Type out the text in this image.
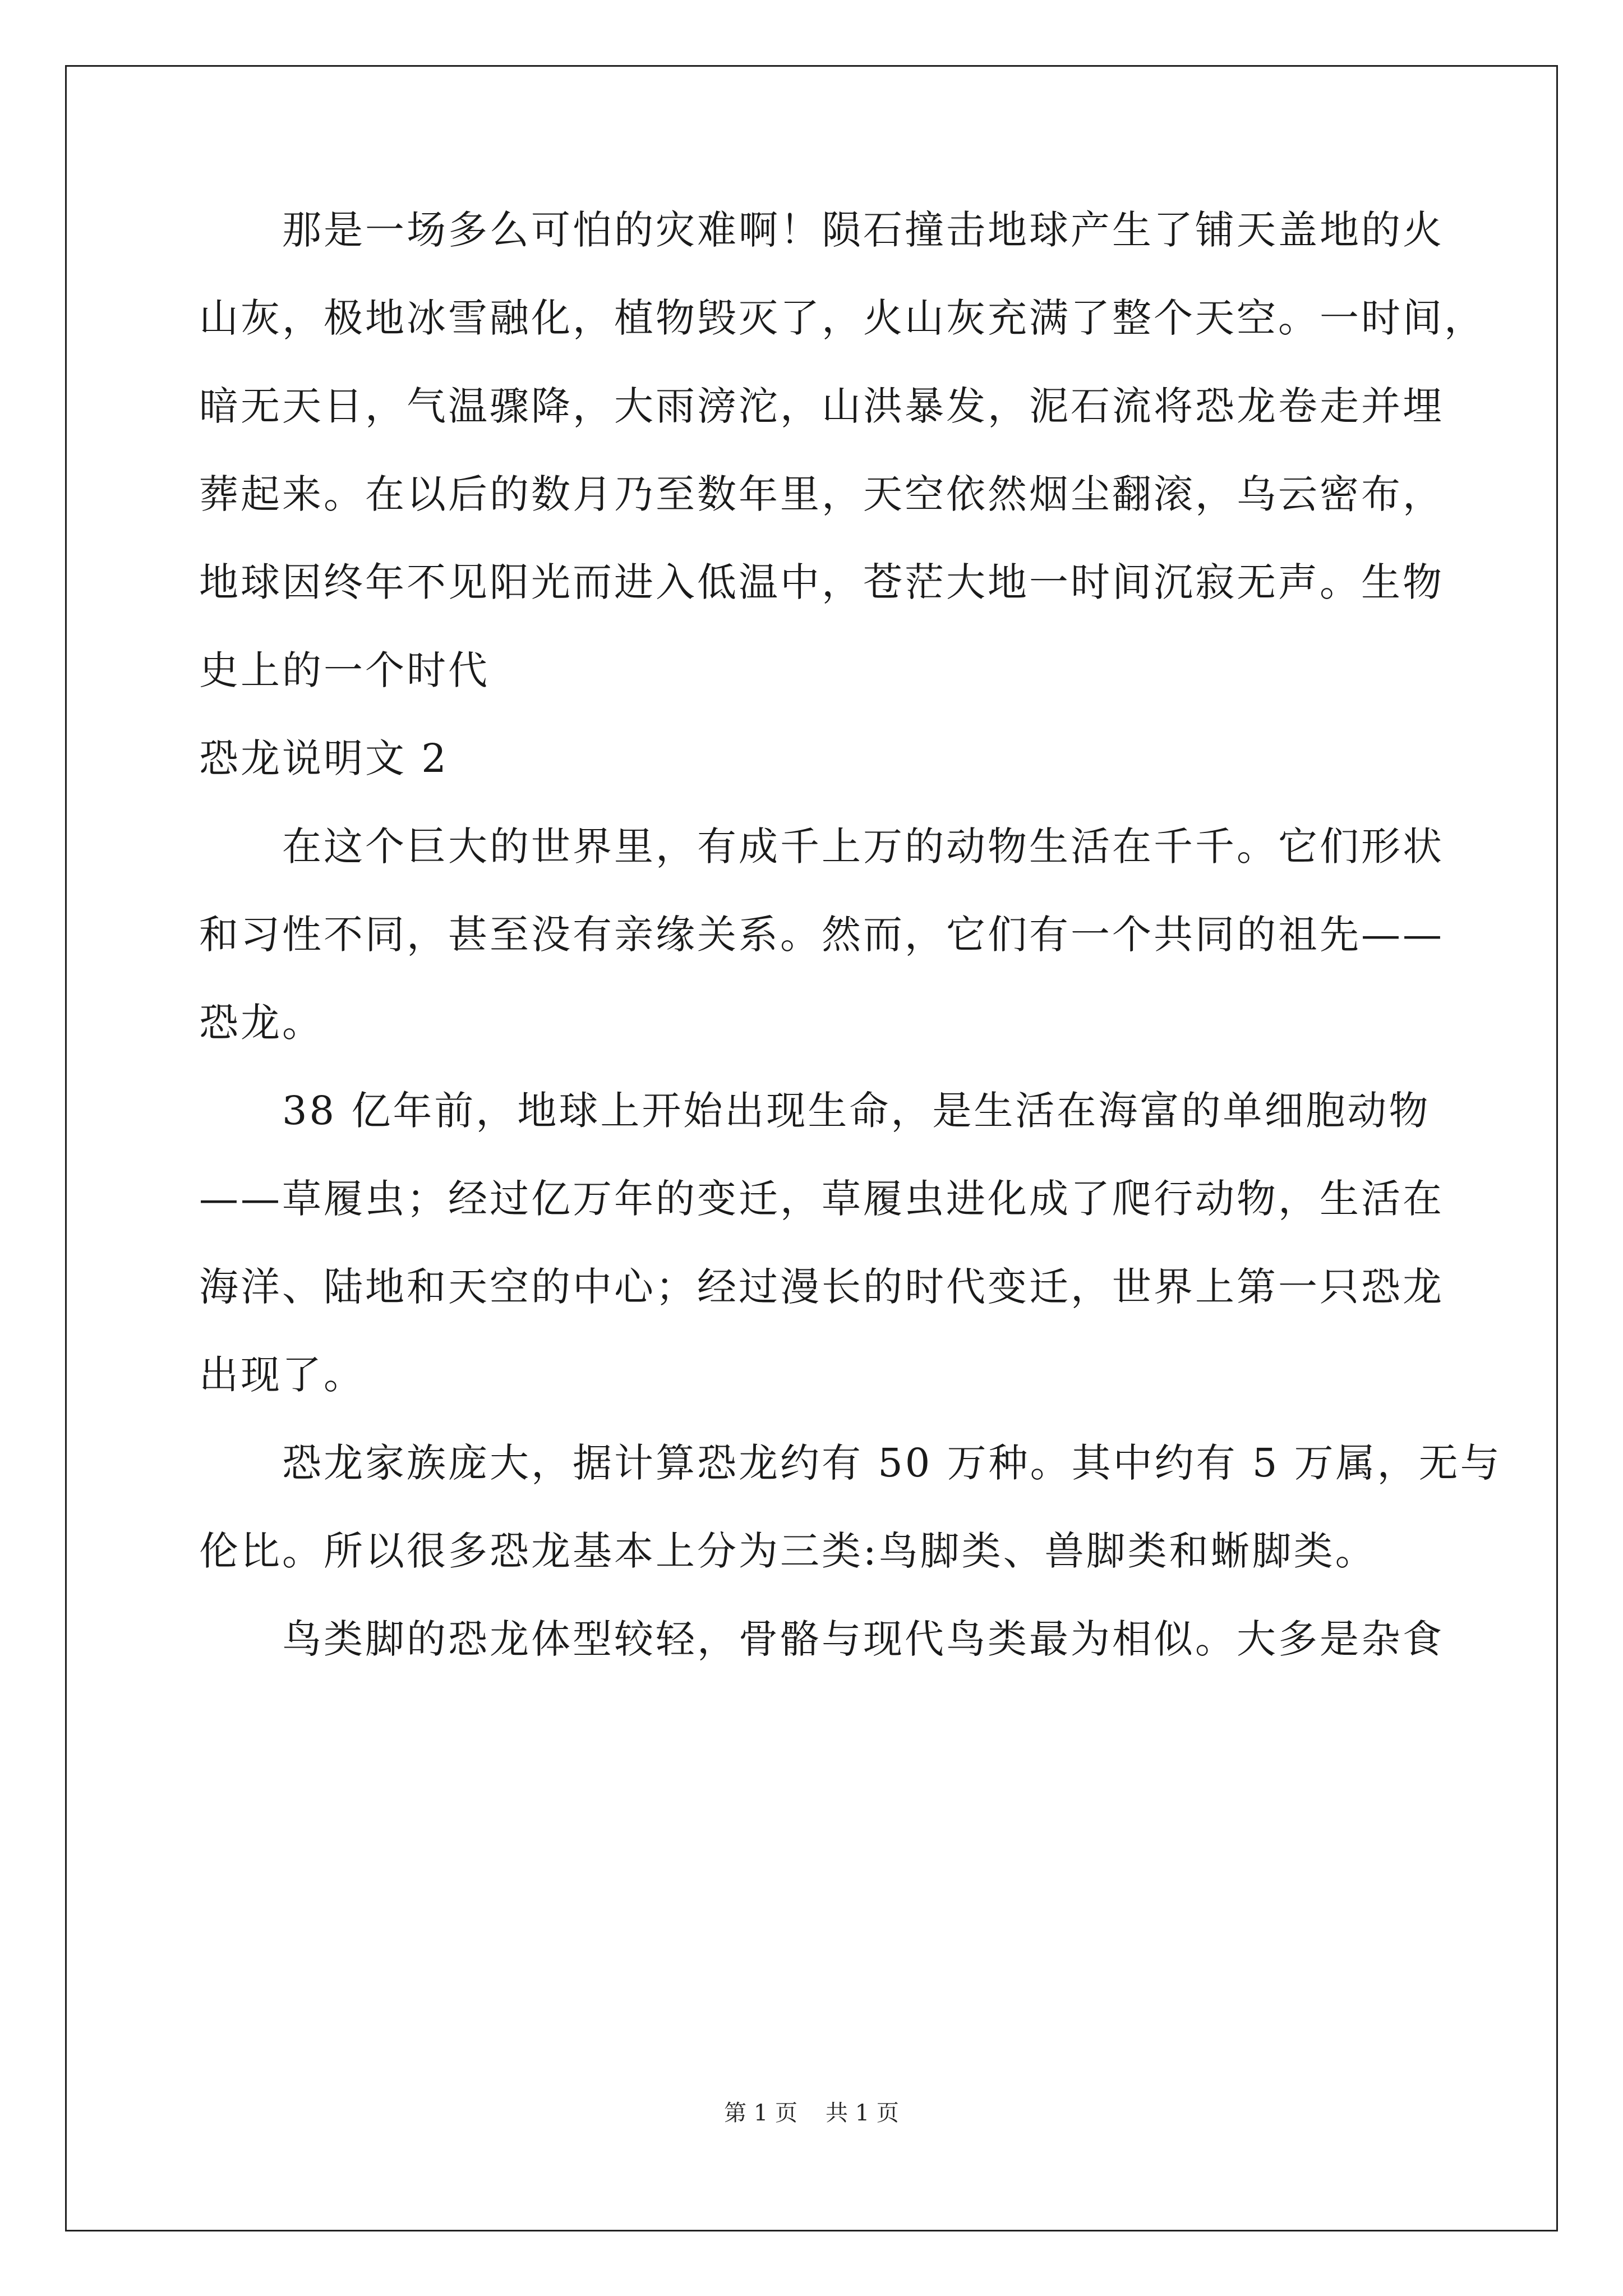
那是一场多么可怕的灾难啊！陨石撞击地球产生了铺天盖地的火
山灰，极地冰雪融化，植物毁灭了，火山灰充满了整个天空。一时间，
暗无天日，气温骤降，大雨滂沱，山洪暴发，泥石流将恐龙卷走并埋
葬起来。在以后的数月乃至数年里，天空依然烟尘翻滚，乌云密布，
地球因终年不见阳光而进入低温中，苍茫大地一时间沉寂无声。生物
史上的一个时代
恐龙说明文 2
在这个巨大的世界里，有成千上万的动物生活在千千。它们形状
和习性不同，甚至没有亲缘关系。然而，它们有一个共同的祖先——
恐龙。
38 亿年前，地球上开始出现生命，是生活在海富的单细胞动物
——草履虫；经过亿万年的变迁，草履虫进化成了爬行动物，生活在
海洋、陆地和天空的中心；经过漫长的时代变迁，世界上第一只恐龙
出现了。
恐龙家族庞大，据计算恐龙约有 50 万种。其中约有 5 万属，无与
伦比。所以很多恐龙基本上分为三类:鸟脚类、兽脚类和蜥脚类。
鸟类脚的恐龙体型较轻，骨骼与现代鸟类最为相似。大多是杂食
第 1 页 共 1 页
